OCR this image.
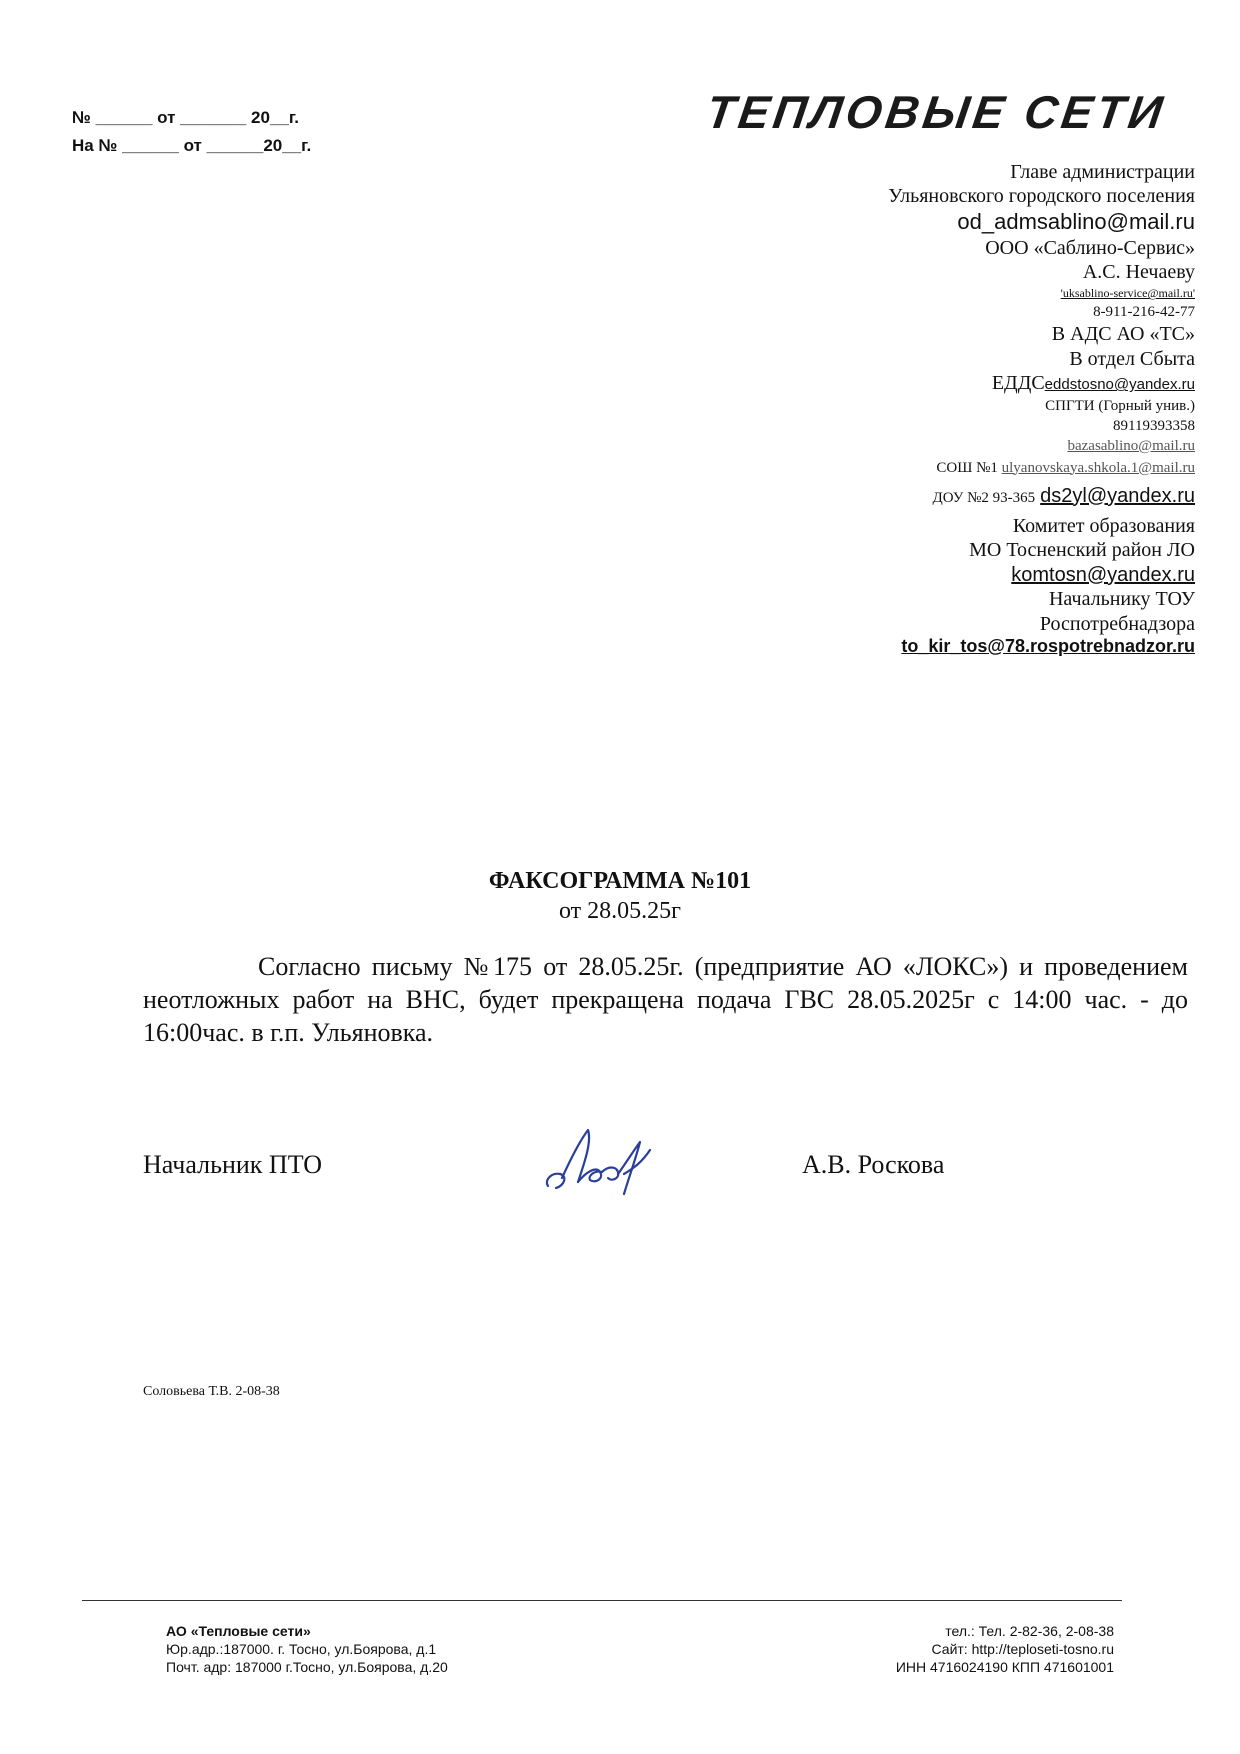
№ ______ от _______ 20__г.
На № ______ от ______20__г.
ТЕПЛОВЫЕ СЕТИ
Главе администрации
Ульяновского городского поселения
od_admsablino@mail.ru
ООО «Саблино-Сервис»
А.С. Нечаеву
'uksablino-service@mail.ru'
8-911-216-42-77
В АДС АО «ТС»
В отдел Сбыта
ЕДДСeddstosno@yandex.ru
СПГТИ (Горный унив.)
89119393358
bazasablino@mail.ru
СОШ №1 ulyanovskaya.shkola.1@mail.ru
ДОУ №2 93-365 ds2yl@yandex.ru
Комитет образования
МО Тосненский район ЛО
komtosn@yandex.ru
Начальнику ТОУ
Роспотребнадзора
to_kir_tos@78.rospotrebnadzor.ru
ФАКСОГРАММА №101
от 28.05.25г
Согласно письму №175 от 28.05.25г. (предприятие АО «ЛОКС») и проведением неотложных работ на ВНС, будет прекращена подача ГВС 28.05.2025г с 14:00 час. - до 16:00час. в г.п. Ульяновка.
Начальник ПТО	А.В. Роскова
Соловьева Т.В. 2-08-38
АО «Тепловые сети»
Юр.адр.:187000. г. Тосно, ул.Боярова, д.1
Почт. адр: 187000 г.Тосно, ул.Боярова, д.20
тел.: Тел. 2-82-36, 2-08-38
Сайт: http://teploseti-tosno.ru
ИНН 4716024190 КПП 471601001
